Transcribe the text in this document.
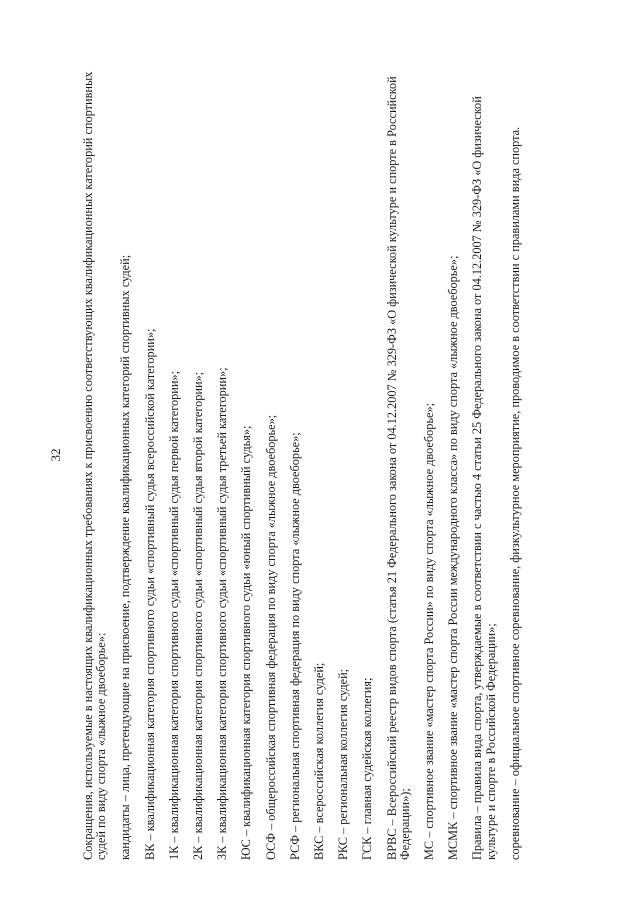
32 Сокращения, используемые в настоящих квалификационных требованиях к присвоению соответствующих квалификационных категорий спортивных судей по виду спорта «лыжное двоеборье»: кандидаты – лица, претендующие на присвоение, подтверждение квалификационных категорий спортивных судей; ВК – квалификационная категория спортивного судьи «спортивный судья всероссийской категории»; 1К – квалификационная категория спортивного судьи «спортивный судья первой категории»; 2К – квалификационная категория спортивного судьи «спортивный судья второй категории»; 3К – квалификационная категория спортивного судьи «спортивный судья третьей категории»; ЮС – квалификационная категория спортивного судьи «юный спортивный судья»; ОСФ – общероссийская спортивная федерация по виду спорта «лыжное двоеборье»; РСФ – региональная спортивная федерация по виду спорта «лыжное двоеборье»; ВКС – всероссийская коллегия судей; РКС – региональная коллегия судей; ГСК – главная судейская коллегия; ВРВС – Всероссийский реестр видов спорта (статья 21 Федерального закона от 04.12.2007 № 329-ФЗ «О физической культуре и спорте в Российской Федерации»); МС – спортивное звание «мастер спорта России» по виду спорта «лыжное двоеборье»; МСМК – спортивное звание «мастер спорта России международного класса» по виду спорта «лыжное двоеборье»; Правила – правила вида спорта, утверждаемые в соответствии с частью 4 статьи 25 Федерального закона от 04.12.2007 № 329-ФЗ «О физической культуре и спорте в Российской Федерации»; соревнование – официальное спортивное соревнование, физкультурное мероприятие, проводимое в соответствии с правилами вида спорта.
